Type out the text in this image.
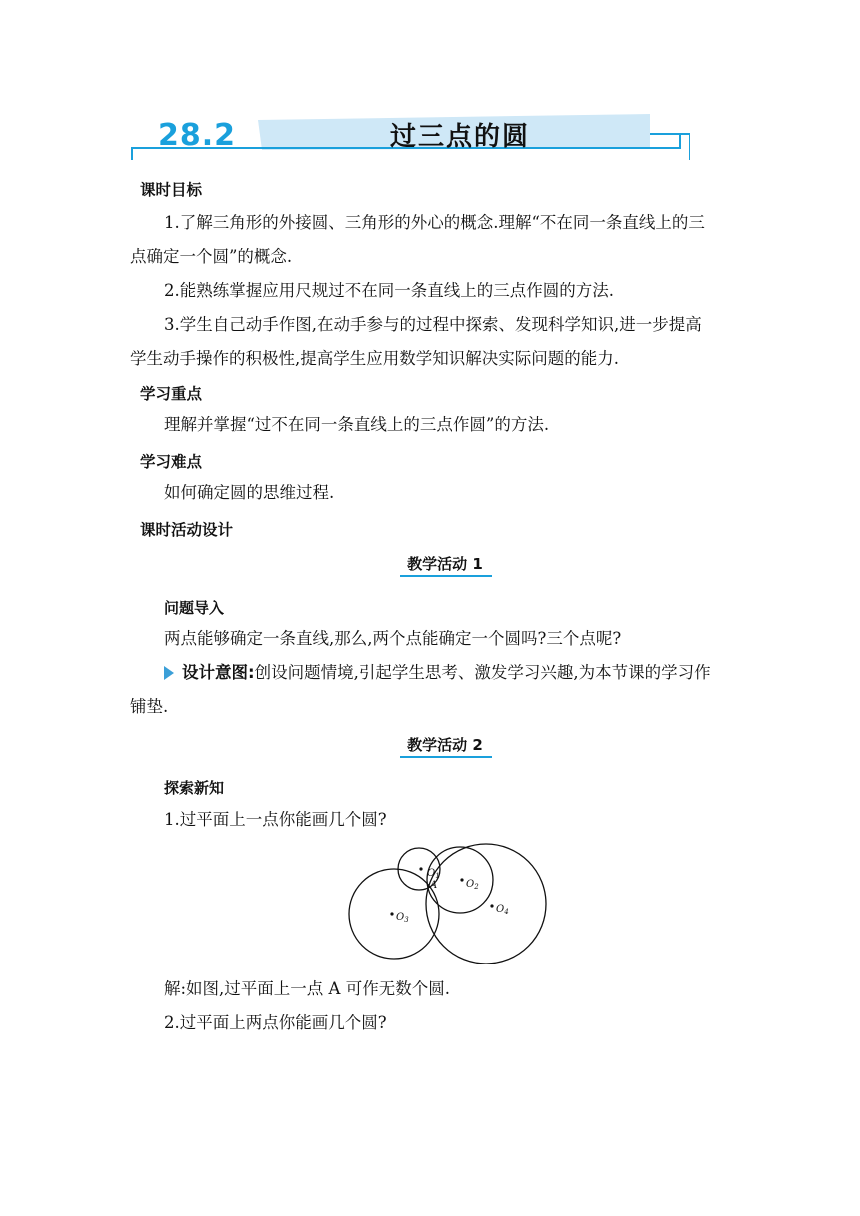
28.2	过三点的圆
课时目标
1.了解三角形的外接圆、三角形的外心的概念.理解“不在同一条直线上的三
点确定一个圆”的概念.
2.能熟练掌握应用尺规过不在同一条直线上的三点作圆的方法.
3.学生自己动手作图,在动手参与的过程中探索、发现科学知识,进一步提高
学生动手操作的积极性,提高学生应用数学知识解决实际问题的能力.
学习重点
理解并掌握“过不在同一条直线上的三点作圆”的方法.
学习难点
如何确定圆的思维过程.
课时活动设计
教学活动 1
问题导入
两点能够确定一条直线,那么,两个点能确定一个圆吗?三个点呢?
设计意图:创设问题情境,引起学生思考、激发学习兴趣,为本节课的学习作
铺垫.
教学活动 2
探索新知
1.过平面上一点你能画几个圆?
$O_1$
A	$O_2$
$O_3$
$O_4$
解:如图,过平面上一点 A 可作无数个圆.
2.过平面上两点你能画几个圆?
